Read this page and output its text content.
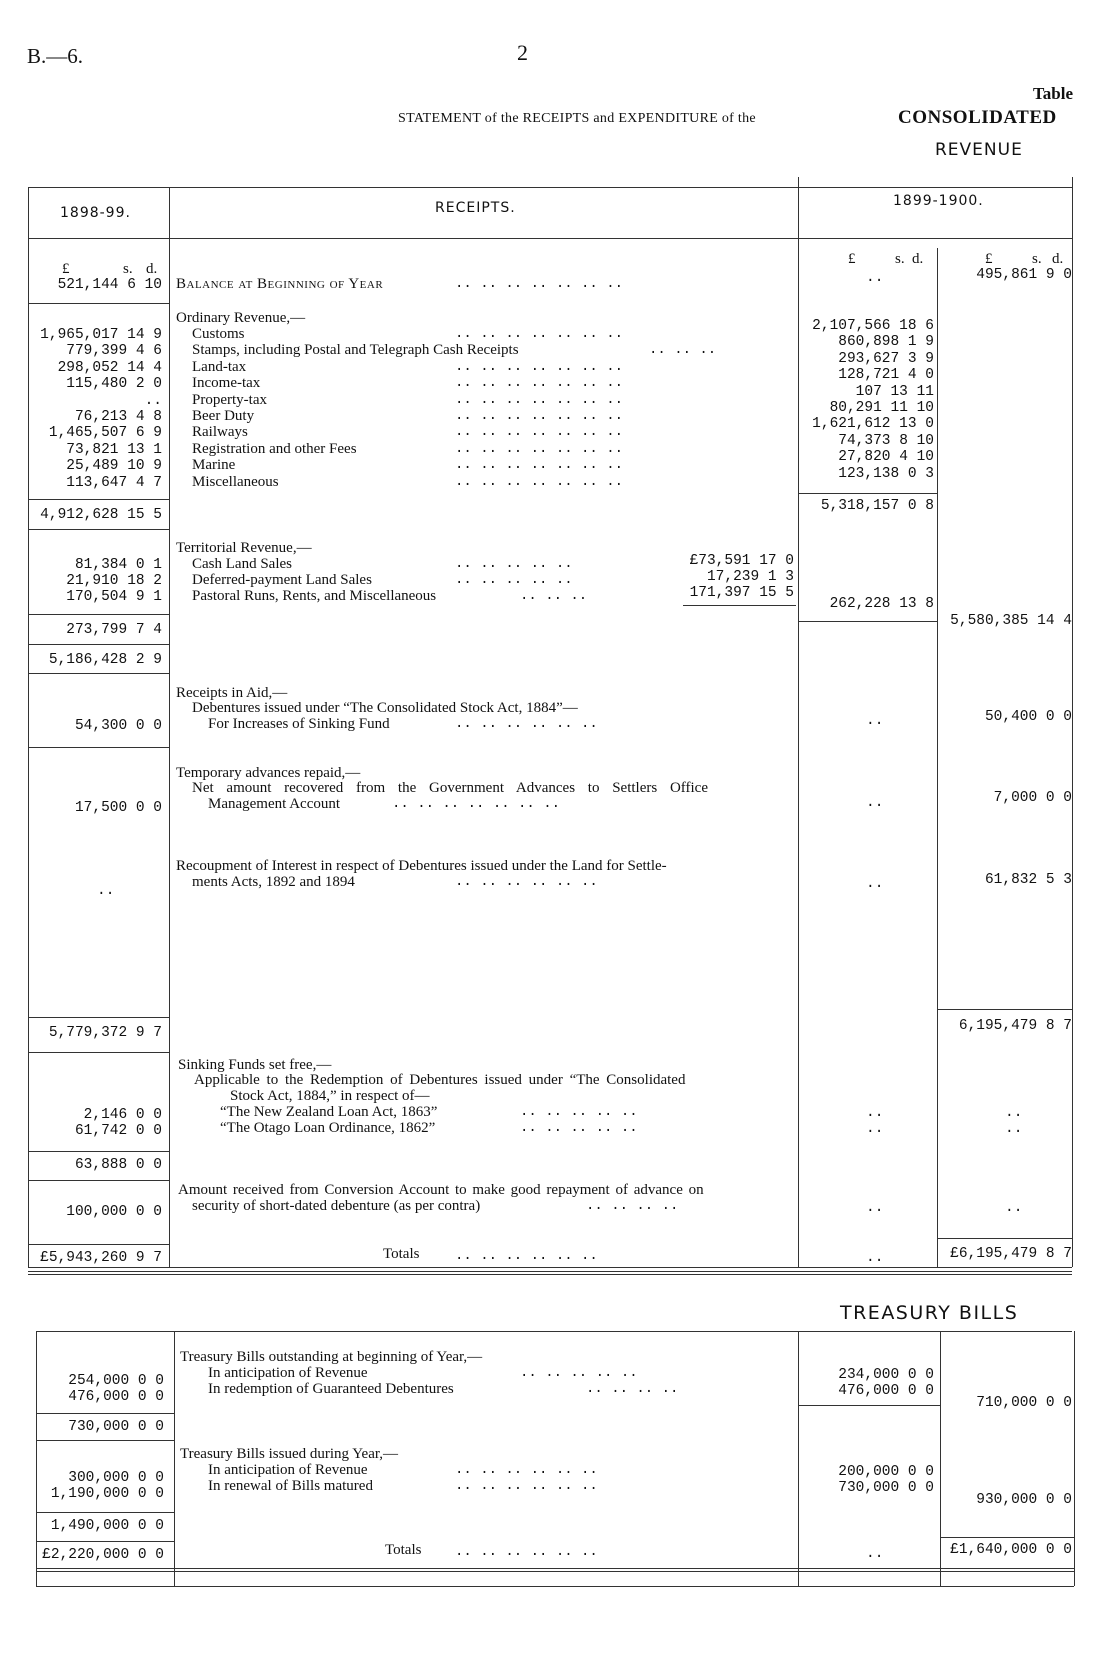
B.—6.	2
Table
STATEMENT of the RECEIPTS and EXPENDITURE of the	CONSOLIDATED
REVENUE
1898-99.	RECEIPTS.	1899-1900.
£	s. d.
£	s. d.	£	s. d.
521,144 6 10 Balance at Beginning of Year	.. .. .. .. .. .. ..	..	495,861 9 0
Ordinary Revenue,—
1,965,017 14 9 Customs	.. .. .. .. .. .. ..	2,107,566 18 6
779,399 4 6 Stamps, including Postal and Telegraph Cash Receipts	.. .. ..	860,898 1 9
298,052 14 4 Land-tax	.. .. .. .. .. .. ..	293,627 3 9
115,480 2 0 Income-tax	.. .. .. .. .. .. ..	128,721 4 0
.. Property-tax	.. .. .. .. .. .. ..	107 13 11
76,213 4 8 Beer Duty	.. .. .. .. .. .. ..	80,291 11 10
1,465,507 6 9 Railways	.. .. .. .. .. .. ..	1,621,612 13 0
73,821 13 1 Registration and other Fees	.. .. .. .. .. .. ..	74,373 8 10
25,489 10 9 Marine	.. .. .. .. .. .. ..	27,820 4 10
113,647 4 7 Miscellaneous	.. .. .. .. .. .. ..	123,138 0 3
4,912,628 15 5
5,318,157 0 8
Territorial Revenue,—
81,384 0 1 Cash Land Sales	.. .. .. .. ..	£73,591 17 0
21,910 18 2 Deferred-payment Land Sales	.. .. .. .. ..	17,239 1 3
170,504 9 1 Pastoral Runs, Rents, and Miscellaneous	.. .. ..	171,397 15 5
262,228 13 8
5,580,385 14 4
273,799 7 4
5,186,428 2 9
Receipts in Aid,—
Debentures issued under “The Consolidated Stock Act, 1884”—
For Increases of Sinking Fund	.. .. .. .. .. ..
54,300 0 0	..	50,400 0 0
Temporary advances repaid,—
Net amount recovered from the Government Advances to Settlers Office
Management Account	.. .. .. .. .. .. ..
17,500 0 0	..	7,000 0 0
Recoupment of Interest in respect of Debentures issued under the Land for Settle-
ments Acts, 1892 and 1894	.. .. .. .. .. ..
..	..	61,832 5 3
5,779,372 9 7	6,195,479 8 7
Sinking Funds set free,—
Applicable to the Redemption of Debentures issued under “The Consolidated
Stock Act, 1884,” in respect of—
2,146 0 0	“The New Zealand Loan Act, 1863”	.. .. .. .. ..	..	..
61,742 0 0	“The Otago Loan Ordinance, 1862”	.. .. .. .. ..	..	..
63,888 0 0
Amount received from Conversion Account to make good repayment of advance on
security of short-dated debenture (as per contra)	.. .. .. ..
100,000 0 0	..	..
£5,943,260 9 7	Totals	.. .. .. .. .. ..	..	£6,195,479 8 7
TREASURY BILLS
Treasury Bills outstanding at beginning of Year,—
254,000 0 0	In anticipation of Revenue	.. .. .. .. ..	234,000 0 0
476,000 0 0	In redemption of Guaranteed Debentures	.. .. .. ..	476,000 0 0
730,000 0 0
710,000 0 0
Treasury Bills issued during Year,—
300,000 0 0	In anticipation of Revenue	.. .. .. .. .. ..	200,000 0 0
1,190,000 0 0	In renewal of Bills matured	.. .. .. .. .. ..	730,000 0 0
1,490,000 0 0
930,000 0 0
£2,220,000 0 0	Totals .. .. .. .. .. ..	..	£1,640,000 0 0
